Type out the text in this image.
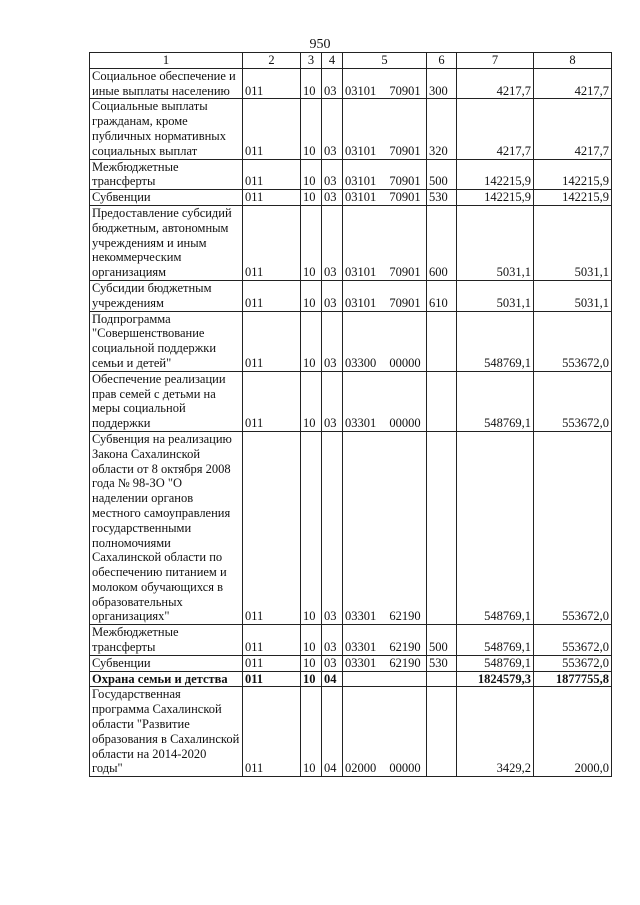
950
1	2	3	4	5	6	7	8
Социальное обеспечение и иные выплаты населению	011	10	03	03101 70901	300	4217,7	4217,7
Социальные выплаты гражданам, кроме публичных нормативных социальных выплат	011	10	03	03101 70901	320	4217,7	4217,7
Межбюджетные трансферты	011	10	03	03101 70901	500	142215,9	142215,9
Субвенции	011	10	03	03101 70901	530	142215,9	142215,9
Предоставление субсидий бюджетным, автономным учреждениям и иным некоммерческим организациям	011	10	03	03101 70901	600	5031,1	5031,1
Субсидии бюджетным учреждениям	011	10	03	03101 70901	610	5031,1	5031,1
Подпрограмма "Совершенствование социальной поддержки семьи и детей"	011	10	03	03300 00000		548769,1	553672,0
Обеспечение реализации прав семей с детьми на меры социальной поддержки	011	10	03	03301 00000		548769,1	553672,0
Субвенция на реализацию Закона Сахалинской области от 8 октября 2008 года № 98-ЗО "О наделении органов местного самоуправления государственными полномочиями Сахалинской области по обеспечению питанием и молоком обучающихся в образовательных организациях"	011	10	03	03301 62190		548769,1	553672,0
Межбюджетные трансферты	011	10	03	03301 62190	500	548769,1	553672,0
Субвенции	011	10	03	03301 62190	530	548769,1	553672,0
Охрана семьи и детства	011	10	04			1824579,3	1877755,8
Государственная программа Сахалинской области "Развитие образования в Сахалинской области на 2014-2020 годы"	011	10	04	02000 00000		3429,2	2000,0
